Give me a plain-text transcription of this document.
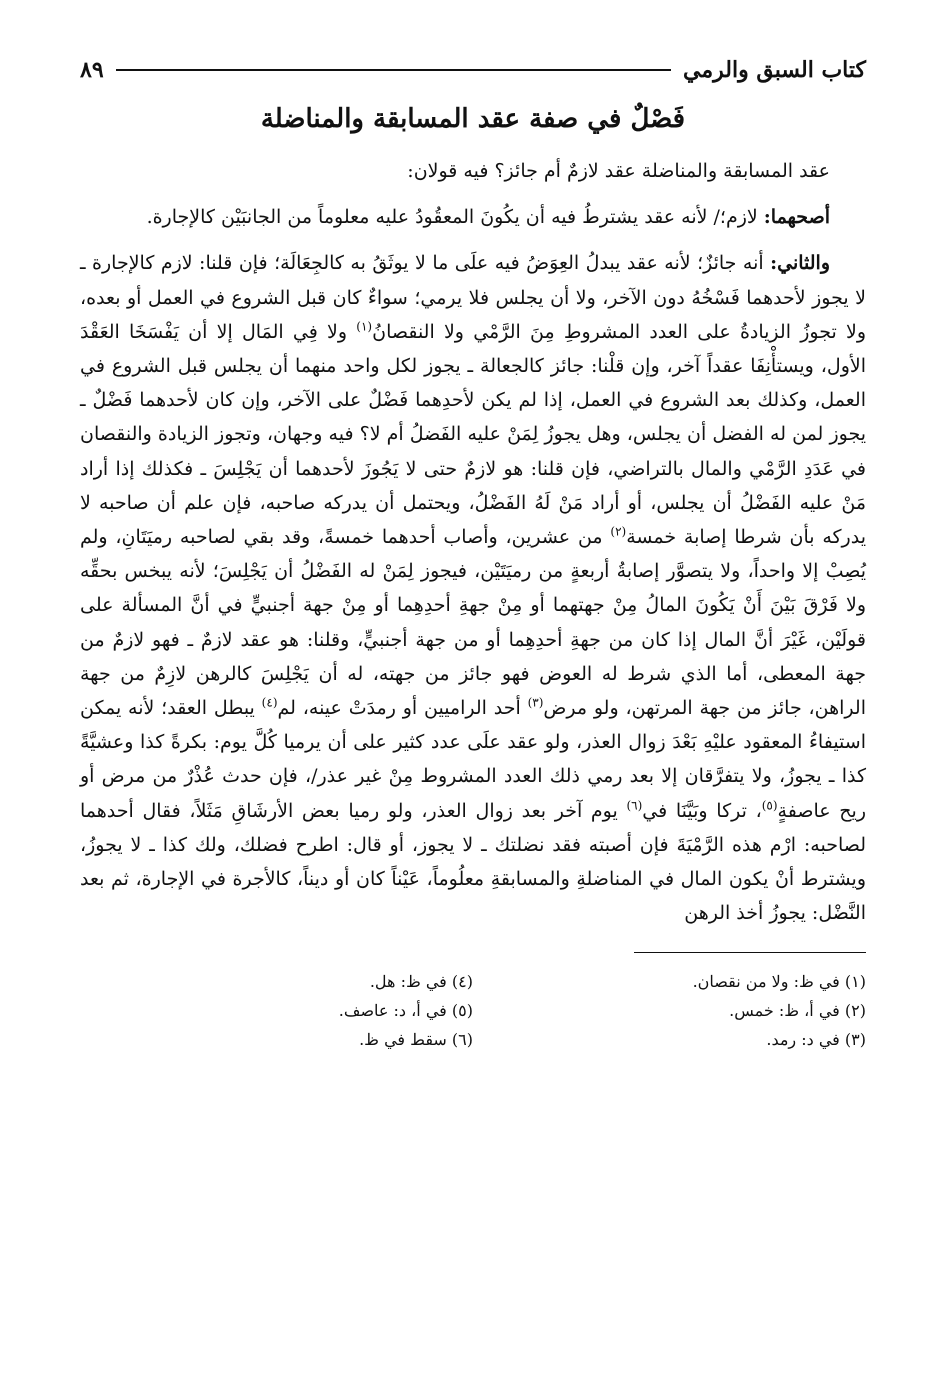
كتاب السبق والرمي
٨٩
فَصْلٌ في صفة عقد المسابقة والمناضلة

عقد المسابقة والمناضلة عقد لازمٌ أم جائز؟ فيه قولان:

أصحهما: لازم؛/ لأنه عقد يشترطُ فيه أن يكُونَ المعقُودُ عليه معلوماً من الجانبَيْن كالإجارة.

والثاني: أنه جائزٌ؛ لأنه عقد يبدلُ العِوَضُ فيه علَى ما لا يوثَقُ به كالجِعَالَة؛ فإن قلنا: لازم كالإجارة ـ لا يجوز لأحدهما فَسْخُهُ دون الآخر، ولا أن يجلس فلا يرمي؛ سواءٌ كان قبل الشروع في العمل أو بعده، ولا تجوزُ الزيادةُ على العدد المشروطِ مِنَ الرَّمْي ولا النقصانُ$^{(١)}$ ولا فِي المَال إلا أن يَفْسَخَا العَقْدَ الأول، ويستأْنِفَا عقداً آخر، وإن قلْنا: جائز كالجعالة ـ يجوز لكل واحد منهما أن يجلس قبل الشروع في العمل، وكذلك بعد الشروع في العمل، إذا لم يكن لأحدِهما فَضْلٌ على الآخر، وإن كان لأحدهما فَضْلٌ ـ يجوز لمن له الفضل أن يجلس، وهل يجوزُ لِمَنْ عليه الفَضلُ أم لا؟ فيه وجهان، وتجوز الزيادة والنقصان في عَدَدِ الرَّمْي والمال بالتراضي، فإن قلنا: هو لازمٌ حتى لا يَجُوزَ لأحدهما أن يَجْلِسَ ـ فكذلك إذا أراد مَنْ عليه الفَضْلُ أن يجلس، أو أراد مَنْ لَهُ الفَضْلُ، ويحتمل أن يدركه صاحبه، فإن علم أن صاحبه لا يدركه بأن شرطا إصابة خمسة$^{(٢)}$ من عشرين، وأصاب أحدهما خمسةً، وقد بقي لصاحبه رميَتَانِ، ولم يُصِبْ إلا واحداً، ولا يتصوَّر إصابةُ أربعةٍ من رميَتَيْن، فيجوز لِمَنْ له الفَضْلُ أن يَجْلِسَ؛ لأنه يبخس بحقِّه ولا فَرْقَ بَيْنَ أَنْ يَكُونَ المالُ مِنْ جهتهما أو مِنْ جهةِ أحدِهِما أو مِنْ جهة أجنبيٍّ في أنَّ المسألة على قولَيْن، غَيْرَ أنَّ المال إذا كان من جهةِ أحدِهِما أو من جهة أجنبيٍّ، وقلنا: هو عقد لازمٌ ـ فهو لازمٌ من جهة المعطى، أما الذي شرط له العوض فهو جائز من جهته، له أن يَجْلِسَ كالرهن لازِمٌ من جهة الراهن، جائز من جهة المرتهن، ولو مرض$^{(٣)}$ أحد الراميين أو رمدَتْ عينه، لم$^{(٤)}$ يبطل العقد؛ لأنه يمكن استيفاءُ المعقود عليْهِ بَعْدَ زوال العذر، ولو عقد علَى عدد كثير على أن يرميا كُلَّ يوم: بكرةً كذا وعشيَّةً كذا ـ يجوزُ، ولا يتفرَّقان إلا بعد رمي ذلك العدد المشروط مِنْ غير عذر/، فإن حدث عُذْرٌ من مرض أو ريح عاصفةٍ$^{(٥)}$، تركا وبَيَّنَا في$^{(٦)}$ يوم آخر بعد زوال العذر، ولو رميا بعض الأرشَاقِ مَثَلاً، فقال أحدهما لصاحبه: ارْم هذه الرَّمْيَةَ فإن أصبته فقد نضلتك ـ لا يجوز، أو قال: اطرح فضلك، ولك كذا ـ لا يجوزُ، ويشترط أنْ يكون المال في المناضلةِ والمسابقةِ معلُوماً، عَيْناً كان أو ديناً، كالأجرة في الإجارة، ثم بعد النَّضْل: يجوزُ أخذ الرهن

(١) في ظ: ولا من نقصان.
(٢) في أ، ظ: خمس.
(٣) في د: رمد.
(٤) في ظ: هل.
(٥) في أ، د: عاصف.
(٦) سقط في ظ.
